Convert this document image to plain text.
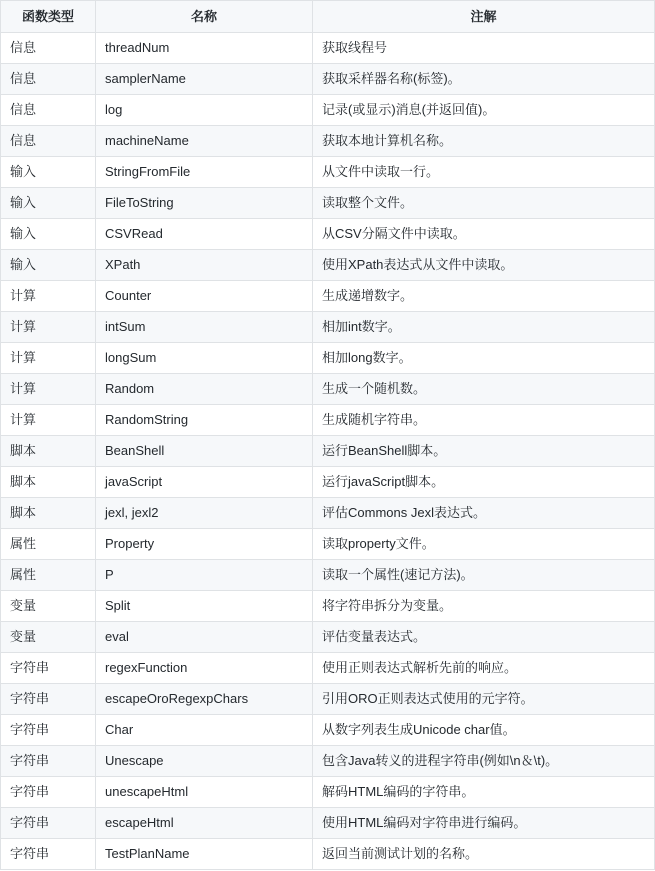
函数类型	名称	注解
信息	threadNum	获取线程号
信息	samplerName	获取采样器名称(标签)。
信息	log	记录(或显示)消息(并返回值)。
信息	machineName	获取本地计算机名称。
输入	StringFromFile	从文件中读取一行。
输入	FileToString	读取整个文件。
输入	CSVRead	从CSV分隔文件中读取。
输入	XPath	使用XPath表达式从文件中读取。
计算	Counter	生成递增数字。
计算	intSum	相加int数字。
计算	longSum	相加long数字。
计算	Random	生成一个随机数。
计算	RandomString	生成随机字符串。
脚本	BeanShell	运行BeanShell脚本。
脚本	javaScript	运行javaScript脚本。
脚本	jexl, jexl2	评估Commons Jexl表达式。
属性	Property	读取property文件。
属性	P	读取一个属性(速记方法)。
变量	Split	将字符串拆分为变量。
变量	eval	评估变量表达式。
字符串	regexFunction	使用正则表达式解析先前的响应。
字符串	escapeOroRegexpChars	引用ORO正则表达式使用的元字符。
字符串	Char	从数字列表生成Unicode char值。
字符串	Unescape	包含Java转义的进程字符串(例如\n＆\t)。
字符串	unescapeHtml	解码HTML编码的字符串。
字符串	escapeHtml	使用HTML编码对字符串进行编码。
字符串	TestPlanName	返回当前测试计划的名称。
